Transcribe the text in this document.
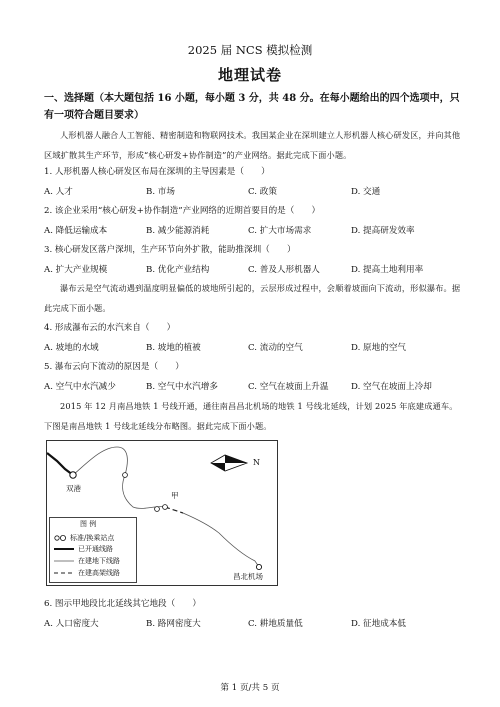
2025 届 NCS 模拟检测
地理试卷
一、选择题（本大题包括 16 小题，每小题 3 分，共 48 分。在每小题给出的四个选项中，只
有一项符合题目要求）
人形机器人融合人工智能、精密制造和物联网技术。我国某企业在深圳建立人形机器人核心研发区，并向其他区域扩散其生产环节，形成“核心研发+协作制造”的产业网络。据此完成下面小题。
1. 人形机器人核心研发区布局在深圳的主导因素是（　　）
A. 人才	B. 市场	C. 政策	D. 交通
2. 该企业采用“核心研发+协作制造”产业网络的近期首要目的是（　　）
A. 降低运输成本	B. 减少能源消耗	C. 扩大市场需求	D. 提高研发效率
3. 核心研发区落户深圳，生产环节向外扩散，能助推深圳（　　）
A. 扩大产业规模	B. 优化产业结构	C. 普及人形机器人	D. 提高土地利用率
瀑布云是空气流动遇到温度明显偏低的坡地所引起的，云层形成过程中，会顺着坡面向下流动，形似瀑布。据此完成下面小题。
4. 形成瀑布云的水汽来自（　　）
A. 坡地的水域	B. 坡地的植被	C. 流动的空气	D. 原地的空气
5. 瀑布云向下流动的原因是（　　）
A. 空气中水汽减少	B. 空气中水汽增多	C. 空气在坡面上升温	D. 空气在坡面上冷却
2015 年 12 月南昌地铁 1 号线开通，通往南昌昌北机场的地铁 1 号线北延线，计划 2025 年底建成通车。下图是南昌地铁 1 号线北延线分布略图。据此完成下面小题。
N
双港
甲
昌北机场
图 例
标准/换乘站点
已开通线路
在建地下线路
在建高架线路
6. 图示甲地段比北延线其它地段（　　）
A. 人口密度大	B. 路网密度大	C. 耕地质量低	D. 征地成本低
第 1 页/共 5 页
